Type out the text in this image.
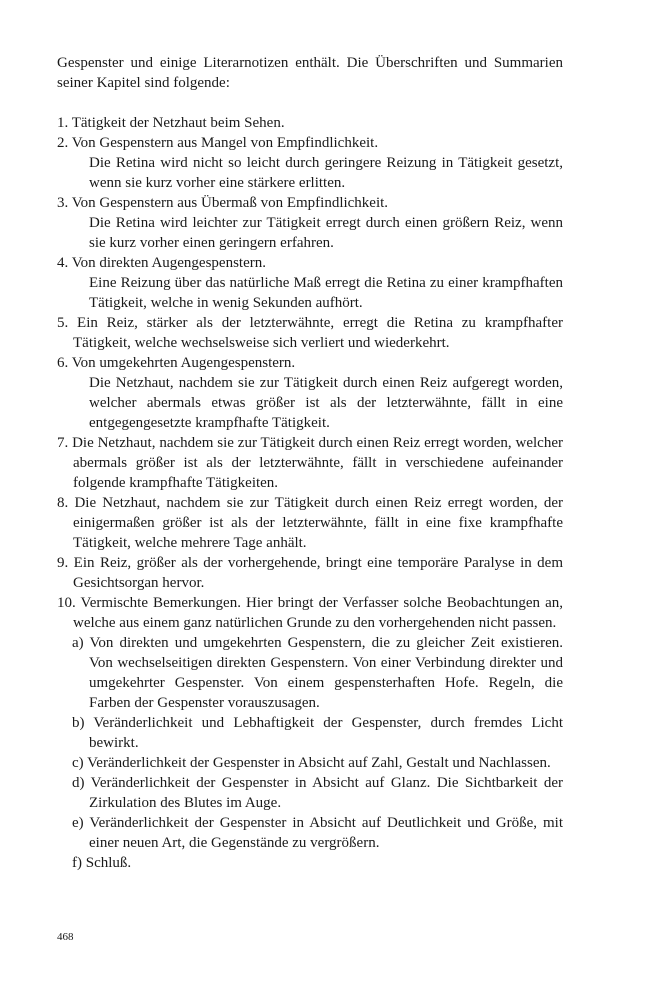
Gespenster und einige Literarnotizen enthält. Die Überschriften und Summarien seiner Kapitel sind folgende:

1. Tätigkeit der Netzhaut beim Sehen.

2. Von Gespenstern aus Mangel von Empfindlichkeit.

Die Retina wird nicht so leicht durch geringere Reizung in Tätigkeit gesetzt, wenn sie kurz vorher eine stärkere erlitten.

3. Von Gespenstern aus Übermaß von Empfindlichkeit.

Die Retina wird leichter zur Tätigkeit erregt durch einen größern Reiz, wenn sie kurz vorher einen geringern erfahren.

4. Von direkten Augengespenstern.

Eine Reizung über das natürliche Maß erregt die Retina zu einer krampfhaften Tätigkeit, welche in wenig Sekunden aufhört.

5. Ein Reiz, stärker als der letzterwähnte, erregt die Retina zu krampfhafter Tätigkeit, welche wechselsweise sich verliert und wiederkehrt.

6. Von umgekehrten Augengespenstern.

Die Netzhaut, nachdem sie zur Tätigkeit durch einen Reiz aufgeregt worden, welcher abermals etwas größer ist als der letzterwähnte, fällt in eine entgegengesetzte krampfhafte Tätigkeit.

7. Die Netzhaut, nachdem sie zur Tätigkeit durch einen Reiz erregt worden, welcher abermals größer ist als der letzterwähnte, fällt in verschiedene aufeinander folgende krampfhafte Tätigkeiten.

8. Die Netzhaut, nachdem sie zur Tätigkeit durch einen Reiz erregt worden, der einigermaßen größer ist als der letzterwähnte, fällt in eine fixe krampfhafte Tätigkeit, welche mehrere Tage anhält.

9. Ein Reiz, größer als der vorhergehende, bringt eine temporäre Paralyse in dem Gesichtsorgan hervor.

10. Vermischte Bemerkungen. Hier bringt der Verfasser solche Beobachtungen an, welche aus einem ganz natürlichen Grunde zu den vorhergehenden nicht passen.

a) Von direkten und umgekehrten Gespenstern, die zu gleicher Zeit existieren. Von wechselseitigen direkten Gespenstern. Von einer Verbindung direkter und umgekehrter Gespenster. Von einem gespensterhaften Hofe. Regeln, die Farben der Gespenster vorauszusagen.

b) Veränderlichkeit und Lebhaftigkeit der Gespenster, durch fremdes Licht bewirkt.

c) Veränderlichkeit der Gespenster in Absicht auf Zahl, Gestalt und Nachlassen.

d) Veränderlichkeit der Gespenster in Absicht auf Glanz. Die Sichtbarkeit der Zirkulation des Blutes im Auge.

e) Veränderlichkeit der Gespenster in Absicht auf Deutlichkeit und Größe, mit einer neuen Art, die Gegenstände zu vergrößern.

f) Schluß.

468
